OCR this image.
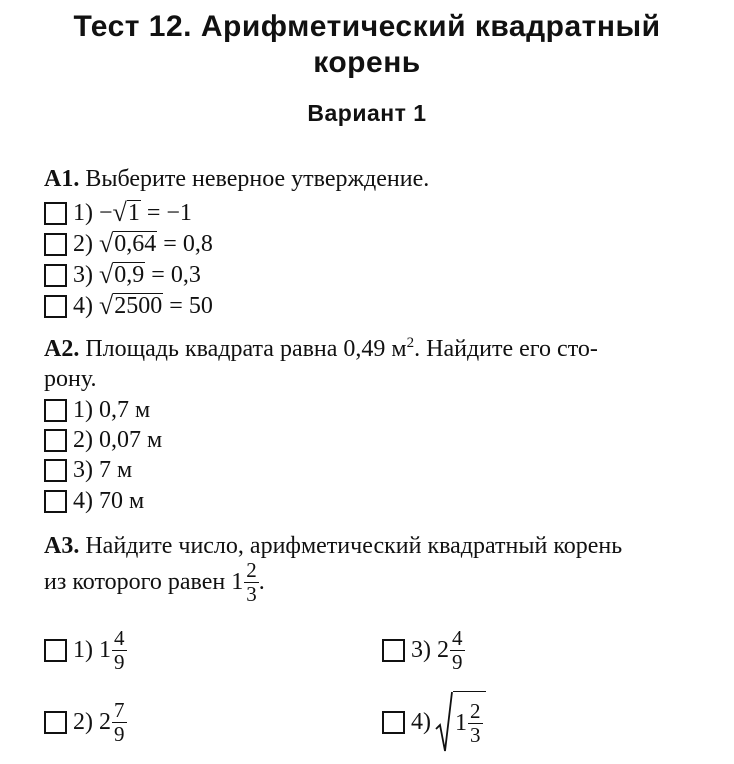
Тест 12. Арифметический квадратный
корень
Вариант 1
A1. Выберите неверное утверждение.
1)
− √ 1
= −1
2)
√ 0,64
= 0,8
3)
√ 0,9
= 0,3
4)
√ 2500
= 50
A2. Площадь квадрата равна 0,49 $м^2$. Найдите его сто-
рону.
1)
0,7 м
2)
0,07 м
3)
7 м
4)
70 м
A3. Найдите число, арифметический квадратный корень
из которого равен
$1 \frac{2}{3}$ .
1)
$1 \frac{4}{9}$
2)
$2 \frac{7}{9}$
3)
$2 \frac{4}{9}$
4) $1 \frac{2}{3}$
